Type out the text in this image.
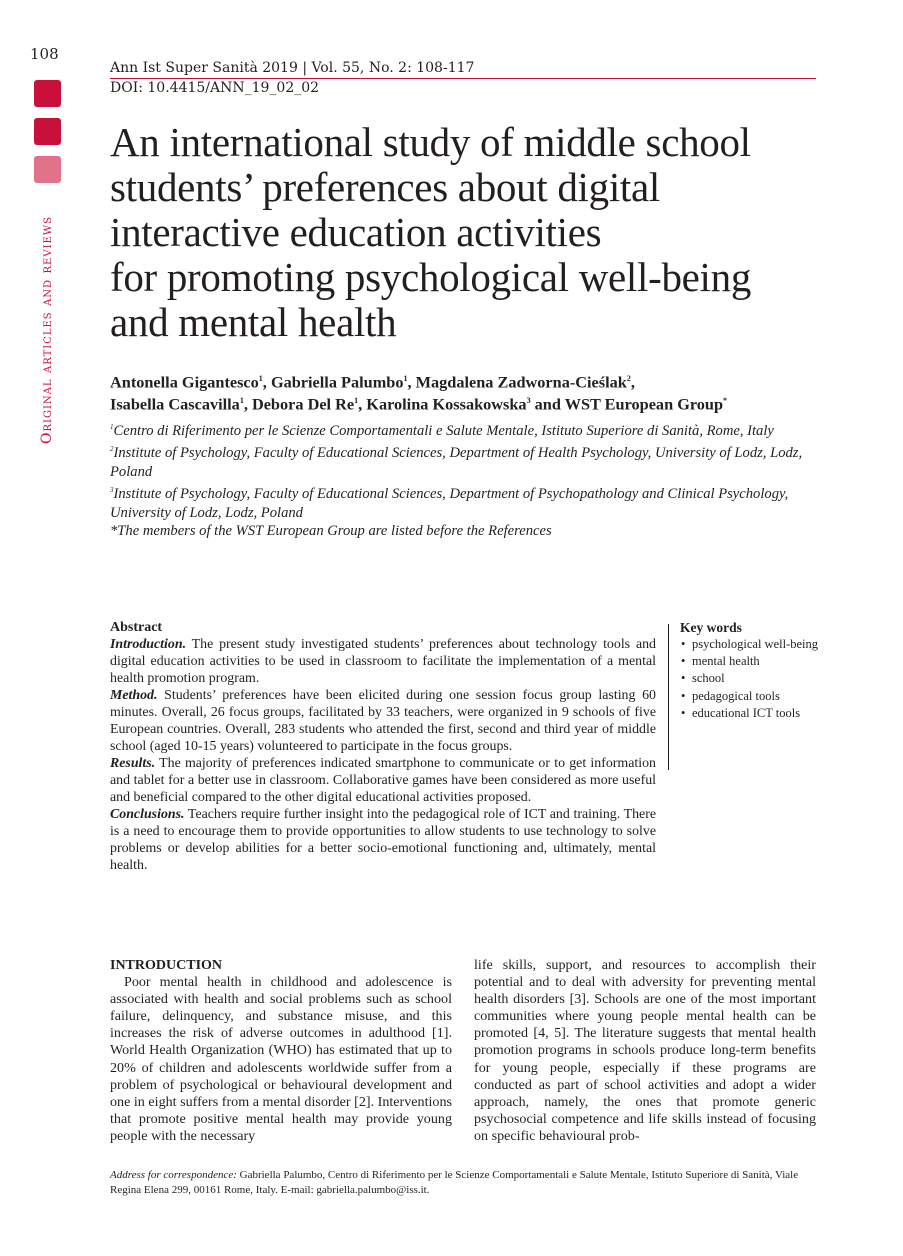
108
Original articles and reviews
Ann Ist Super Sanità 2019 | Vol. 55, No. 2: 108-117
DOI: 10.4415/ANN_19_02_02
An international study of middle school
students’ preferences about digital
interactive education activities
for promoting psychological well-being
and mental health

Antonella Gigantesco$^1$, Gabriella Palumbo$^1$, Magdalena Zadworna-Cieślak$^2$,
Isabella Cascavilla$^1$, Debora Del Re$^1$, Karolina Kossakowska$^3$ and WST European Group*

$^1$Centro di Riferimento per le Scienze Comportamentali e Salute Mentale, Istituto Superiore di Sanità, Rome, Italy

$^2$Institute of Psychology, Faculty of Educational Sciences, Department of Health Psychology, University of Lodz, Lodz, Poland

$^3$Institute of Psychology, Faculty of Educational Sciences, Department of Psychopathology and Clinical Psychology, University of Lodz, Lodz, Poland

*The members of the WST European Group are listed before the References

Abstract

Introduction. The present study investigated students’ preferences about technology tools and digital education activities to be used in classroom to facilitate the implementation of a mental health promotion program.

Method. Students’ preferences have been elicited during one session focus group lasting 60 minutes. Overall, 26 focus groups, facilitated by 33 teachers, were organized in 9 schools of five European countries. Overall, 283 students who attended the first, second and third year of middle school (aged 10-15 years) volunteered to participate in the focus groups.

Results. The majority of preferences indicated smartphone to communicate or to get information and tablet for a better use in classroom. Collaborative games have been considered as more useful and beneficial compared to the other digital educational activities proposed.

Conclusions. Teachers require further insight into the pedagogical role of ICT and training. There is a need to encourage them to provide opportunities to allow students to use technology to solve problems or develop abilities for a better socio-emotional functioning and, ultimately, mental health.

Key words
• psychological well-being
• mental health
• school
• pedagogical tools
• educational ICT tools
INTRODUCTION

Poor mental health in childhood and adolescence is associated with health and social problems such as school failure, delinquency, and substance misuse, and this increases the risk of adverse outcomes in adulthood [1]. World Health Organization (WHO) has estimated that up to 20% of children and adolescents worldwide suffer from a problem of psychological or behavioural development and one in eight suffers from a mental disorder [2]. Interventions that promote positive mental health may provide young people with the necessary

life skills, support, and resources to accomplish their potential and to deal with adversity for preventing mental health disorders [3]. Schools are one of the most important communities where young people mental health can be promoted [4, 5]. The literature suggests that mental health promotion programs in schools produce long-term benefits for young people, especially if these programs are conducted as part of school activities and adopt a wider approach, namely, the ones that promote generic psychosocial competence and life skills instead of focusing on specific behavioural prob-

Address for correspondence: Gabriella Palumbo, Centro di Riferimento per le Scienze Comportamentali e Salute Mentale, Istituto Superiore di Sanità, Viale Regina Elena 299, 00161 Rome, Italy. E-mail: gabriella.palumbo@iss.it.
